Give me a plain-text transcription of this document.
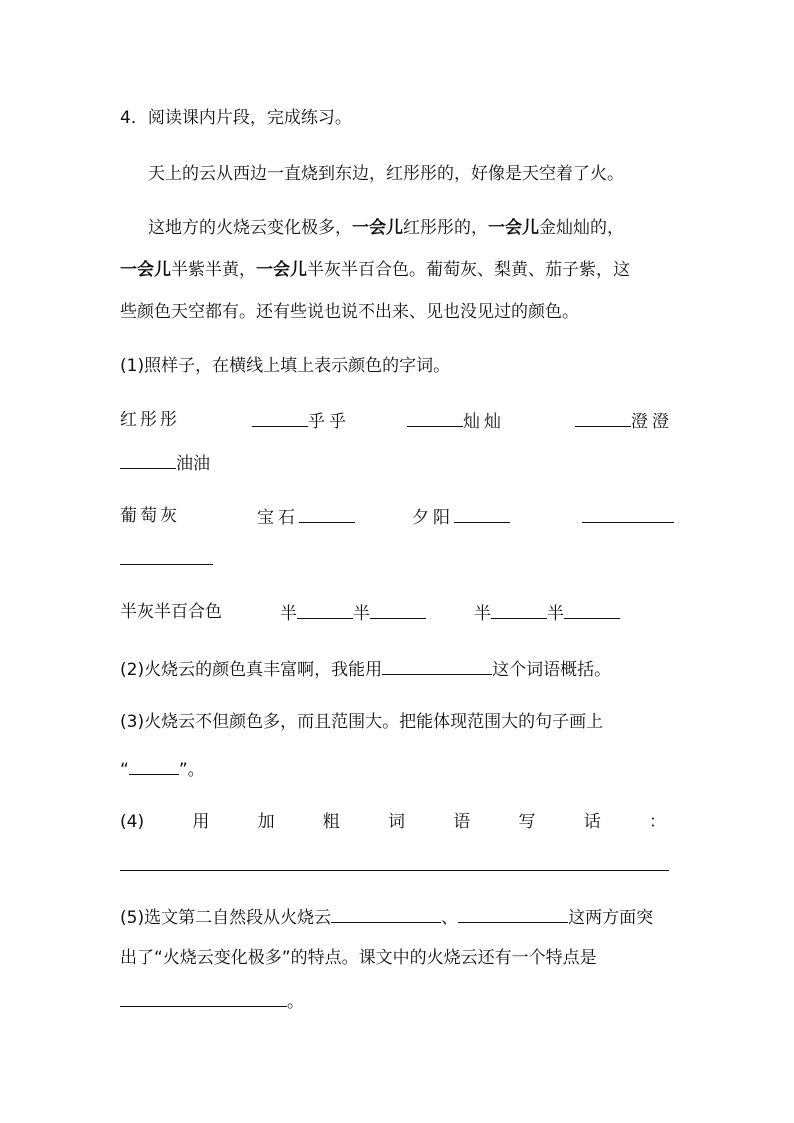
4．阅读课内片段，完成练习。
天上的云从西边一直烧到东边，红彤彤的，好像是天空着了火。
这地方的火烧云变化极多，一会儿红彤彤的，一会儿金灿灿的，
一会儿半紫半黄，一会儿半灰半百合色。葡萄灰、梨黄、茄子紫，这
些颜色天空都有。还有些说也说不出来、见也没见过的颜色。
(1)照样子，在横线上填上表示颜色的字词。
红彤彤	乎乎	灿灿	澄澄
油油
葡萄灰	宝石	夕阳
半灰半百合色	半	半	半	半
(2)火烧云的颜色真丰富啊，我能用	这个词语概括。
(3)火烧云不但颜色多，而且范围大。把能体现范围大的句子画上
“	”。
(4)	用	加	粗	词	语	写	话	：
(5)选文第二自然段从火烧云	、	这两方面突
出了“火烧云变化极多”的特点。课文中的火烧云还有一个特点是
。
